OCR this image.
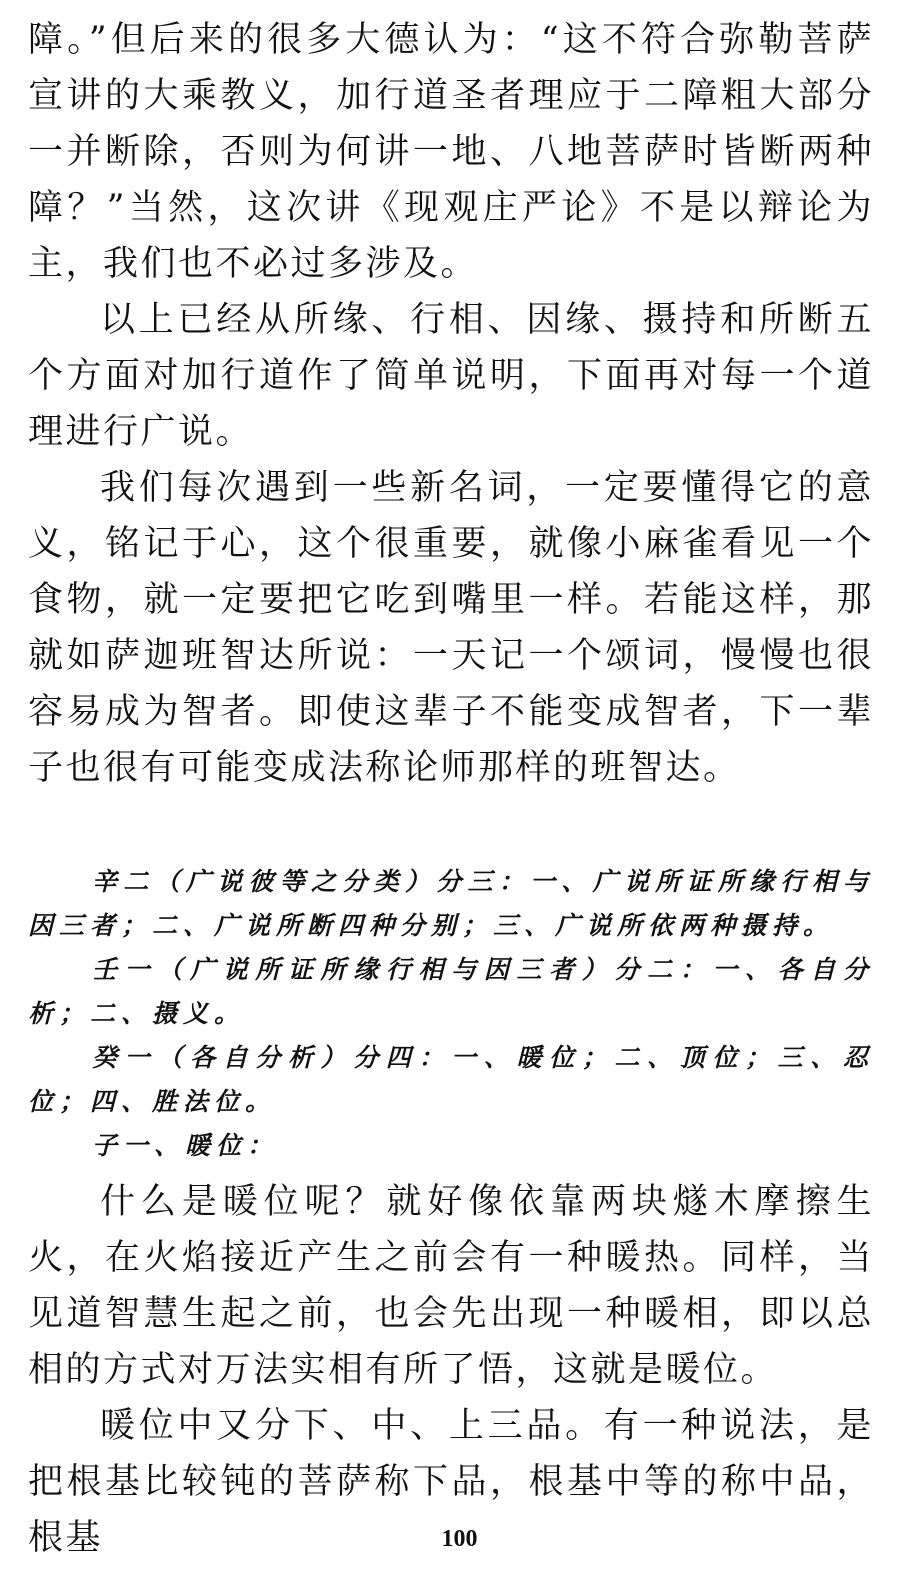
障。”但后来的很多大德认为：“这不符合弥勒菩萨宣讲的大乘教义，加行道圣者理应于二障粗大部分一并断除，否则为何讲一地、八地菩萨时皆断两种障？”当然，这次讲《现观庄严论》不是以辩论为主，我们也不必过多涉及。

以上已经从所缘、行相、因缘、摄持和所断五个方面对加行道作了简单说明，下面再对每一个道理进行广说。

我们每次遇到一些新名词，一定要懂得它的意义，铭记于心，这个很重要，就像小麻雀看见一个食物，就一定要把它吃到嘴里一样。若能这样，那就如萨迦班智达所说：一天记一个颂词，慢慢也很容易成为智者。即使这辈子不能变成智者，下一辈子也很有可能变成法称论师那样的班智达。

辛二（广说彼等之分类）分三：一、广说所证所缘行相与因三者；二、广说所断四种分别；三、广说所依两种摄持。

壬一（广说所证所缘行相与因三者）分二：一、各自分析；二、摄义。

癸一（各自分析）分四：一、暖位；二、顶位；三、忍位；四、胜法位。

子一、暖位：

什么是暖位呢？就好像依靠两块燧木摩擦生火，在火焰接近产生之前会有一种暖热。同样，当见道智慧生起之前，也会先出现一种暖相，即以总相的方式对万法实相有所了悟，这就是暖位。

暖位中又分下、中、上三品。有一种说法，是把根基比较钝的菩萨称下品，根基中等的称中品，根基	100
